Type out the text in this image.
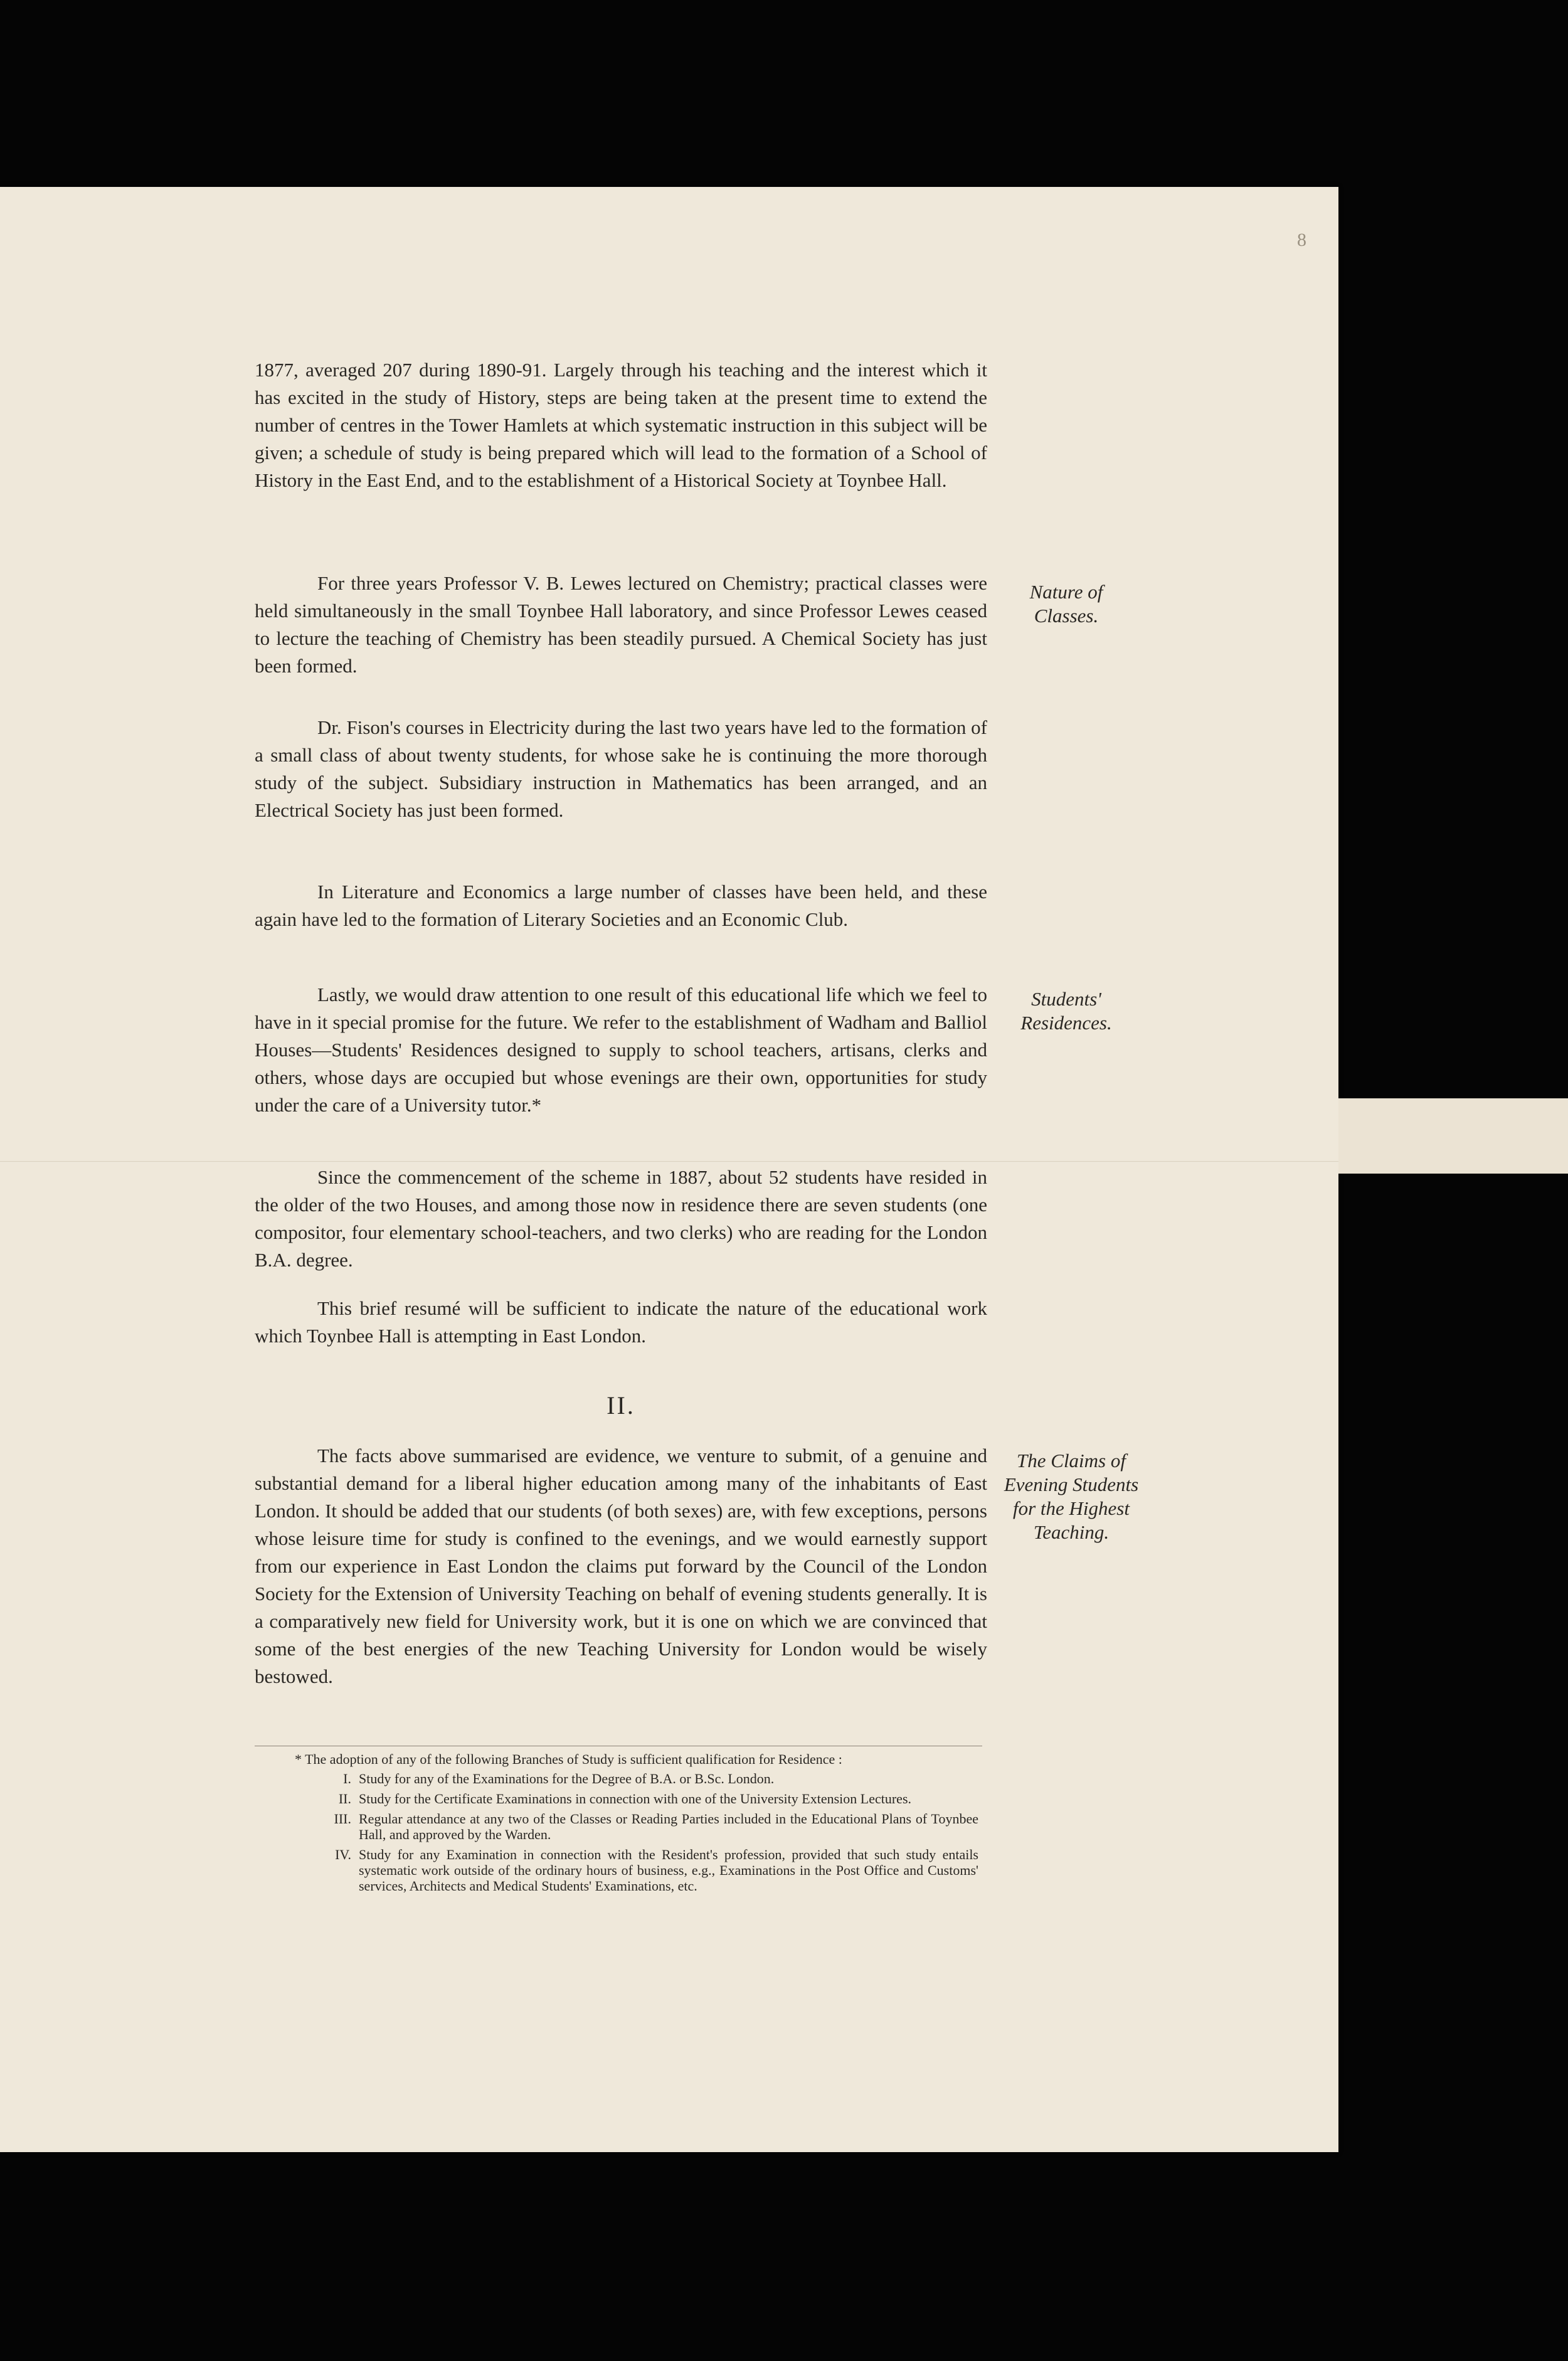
8

1877, averaged 207 during 1890-91. Largely through his teaching and the interest which it has excited in the study of History, steps are being taken at the present time to extend the number of centres in the Tower Hamlets at which systematic instruction in this subject will be given; a schedule of study is being prepared which will lead to the formation of a School of History in the East End, and to the establishment of a Historical Society at Toynbee Hall.

For three years Professor V. B. Lewes lectured on Chemistry; practical classes were held simultaneously in the small Toynbee Hall laboratory, and since Professor Lewes ceased to lecture the teaching of Chemistry has been steadily pursued. A Chemical Society has just been formed.

Dr. Fison's courses in Electricity during the last two years have led to the formation of a small class of about twenty students, for whose sake he is continuing the more thorough study of the subject. Subsidiary instruction in Mathematics has been arranged, and an Electrical Society has just been formed.

In Literature and Economics a large number of classes have been held, and these again have led to the formation of Literary Societies and an Economic Club.

Lastly, we would draw attention to one result of this educational life which we feel to have in it special promise for the future. We refer to the establishment of Wadham and Balliol Houses—Students' Residences designed to supply to school teachers, artisans, clerks and others, whose days are occupied but whose evenings are their own, opportunities for study under the care of a University tutor.*

Since the commencement of the scheme in 1887, about 52 students have resided in the older of the two Houses, and among those now in residence there are seven students (one compositor, four elementary school-teachers, and two clerks) who are reading for the London B.A. degree.

This brief resumé will be sufficient to indicate the nature of the educational work which Toynbee Hall is attempting in East London.

II.

The facts above summarised are evidence, we venture to submit, of a genuine and substantial demand for a liberal higher education among many of the inhabitants of East London. It should be added that our students (of both sexes) are, with few exceptions, persons whose leisure time for study is confined to the evenings, and we would earnestly support from our experience in East London the claims put forward by the Council of the London Society for the Extension of University Teaching on behalf of evening students generally. It is a comparatively new field for University work, but it is one on which we are convinced that some of the best energies of the new Teaching University for London would be wisely bestowed.

Nature of
Classes.
Students'
Residences.
The Claims of
Evening Students
for the Highest
Teaching.

* The adoption of any of the following Branches of Study is sufficient qualification for Residence :

I. Study for any of the Examinations for the Degree of B.A. or B.Sc. London.
II. Study for the Certificate Examinations in connection with one of the University Extension Lectures.
III. Regular attendance at any two of the Classes or Reading Parties included in the Educational Plans of Toynbee Hall, and approved by the Warden.
IV. Study for any Examination in connection with the Resident's profession, provided that such study entails systematic work outside of the ordinary hours of business, e.g., Examinations in the Post Office and Customs' services, Architects and Medical Students' Examinations, etc.
